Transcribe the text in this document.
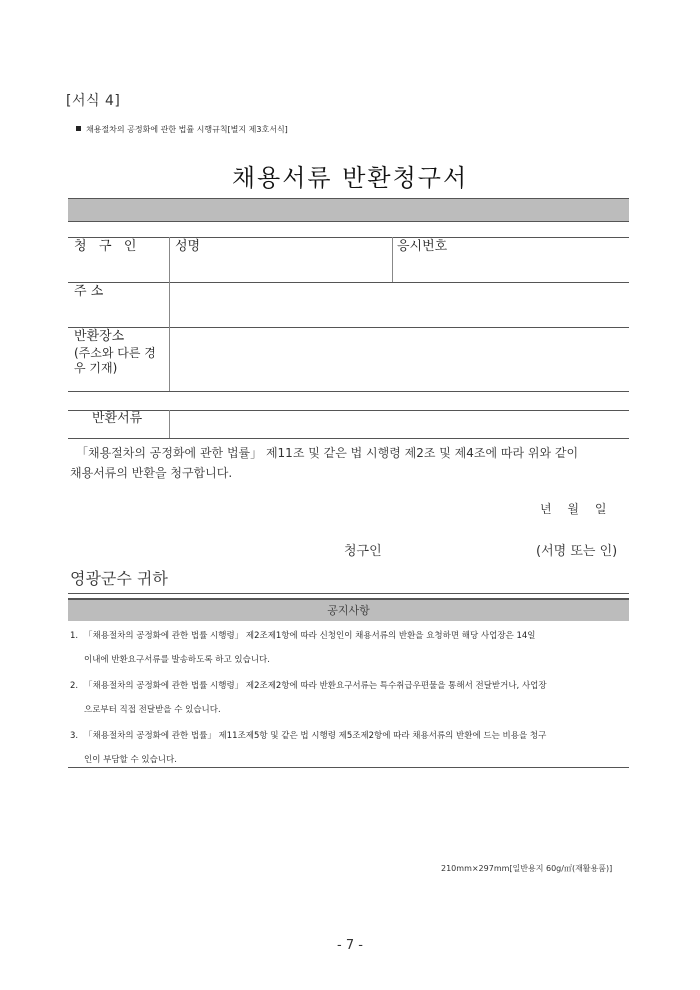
[서식 4]
채용절차의 공정화에 관한 법률 시행규칙[별지 제3호서식]
채용서류 반환청구서
청   구   인	성명	응시번호
주 소
반환장소
(주소와 다른 경
우 기재)
반환서류
「채용절차의 공정화에 관한 법률」 제11조 및 같은 법 시행령 제2조 및 제4조에 따라 위와 같이
채용서류의 반환을 청구합니다.
년 월 일
청구인	(서명 또는 인)
영광군수 귀하
공지사항
1. 「채용절차의 공정화에 관한 법률 시행령」 제2조제1항에 따라 신청인이 채용서류의 반환을 요청하면 해당 사업장은 14일
이내에 반환요구서류를 발송하도록 하고 있습니다.
2. 「채용절차의 공정화에 관한 법률 시행령」 제2조제2항에 따라 반환요구서류는 특수취급우편물을 통해서 전달받거나, 사업장
으로부터 직접 전달받을 수 있습니다.
3. 「채용절차의 공정화에 관한 법률」 제11조제5항 및 같은 법 시행령 제5조제2항에 따라 채용서류의 반환에 드는 비용을 청구
인이 부담할 수 있습니다.
210mm×297mm[일반용지 60g/㎡(재활용품)]
- 7 -
